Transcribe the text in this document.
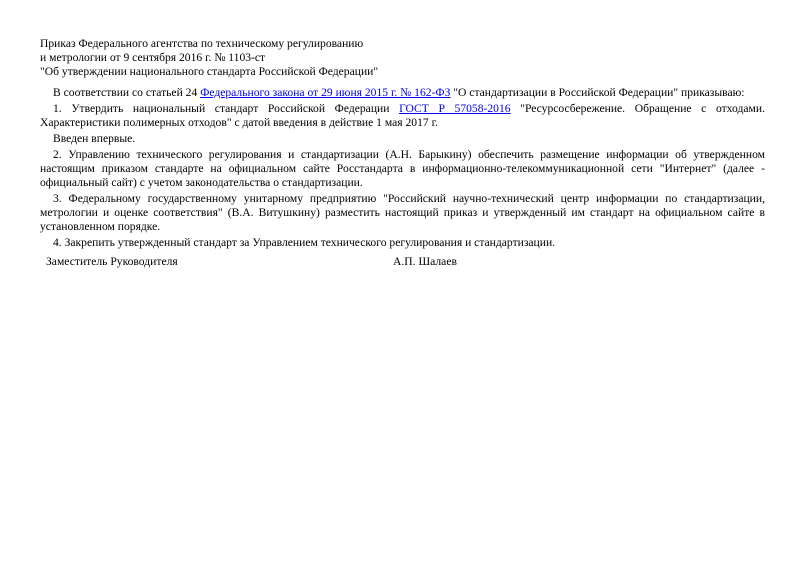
Приказ Федерального агентства по техническому регулированию
и метрологии от 9 сентября 2016 г. № 1103-ст
"Об утверждении национального стандарта Российской Федерации"

В соответствии со статьей 24 Федерального закона от 29 июня 2015 г. № 162-ФЗ "О стандартизации в Российской Федерации" приказываю:

1. Утвердить национальный стандарт Российской Федерации ГОСТ Р 57058-2016 "Ресурсосбережение. Обращение с отходами. Характеристики полимерных отходов" с датой введения в действие 1 мая 2017 г.

Введен впервые.

2. Управлению технического регулирования и стандартизации (А.Н. Барыкину) обеспечить размещение информации об утвержденном настоящим приказом стандарте на официальном сайте Росстандарта в информационно-телекоммуникационной сети "Интернет" (далее - официальный сайт) с учетом законодательства о стандартизации.

3. Федеральному государственному унитарному предприятию "Российский научно-технический центр информации по стандартизации, метрологии и оценке соответствия" (В.А. Витушкину) разместить настоящий приказ и утвержденный им стандарт на официальном сайте в установленном порядке.

4. Закрепить утвержденный стандарт за Управлением технического регулирования и стандартизации.

Заместитель Руководителя	А.П. Шалаев
